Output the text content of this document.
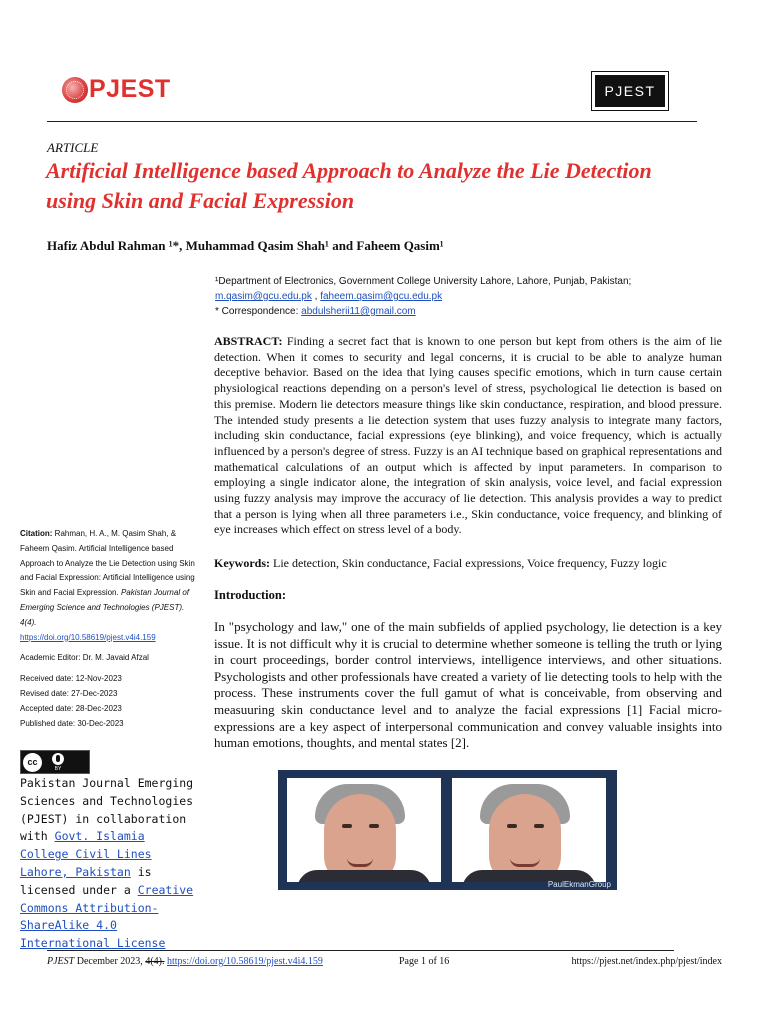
PJEST	PJEST
ARTICLE
Artificial Intelligence based Approach to Analyze the Lie Detection using Skin and Facial Expression
Hafiz Abdul Rahman ¹*, Muhammad Qasim Shah¹ and Faheem Qasim¹
¹Department of Electronics, Government College University Lahore, Lahore, Punjab, Pakistan;
m.qasim@gcu.edu.pk , faheem.qasim@gcu.edu.pk
* Correspondence: abdulsherii11@gmail.com
ABSTRACT: Finding a secret fact that is known to one person but kept from others is the aim of lie detection. When it comes to security and legal concerns, it is crucial to be able to analyze human deceptive behavior. Based on the idea that lying causes specific emotions, which in turn cause certain physiological reactions depending on a person's level of stress, psychological lie detection is based on this premise. Modern lie detectors measure things like skin conductance, respiration, and blood pressure. The intended study presents a lie detection system that uses fuzzy analysis to integrate many factors, including skin conductance, facial expressions (eye blinking), and voice frequency, which is actually influenced by a person's degree of stress. Fuzzy is an AI technique based on graphical representations and mathematical calculations of an output which is affected by input parameters. In comparison to employing a single indicator alone, the integration of skin analysis, voice level, and facial expression using fuzzy analysis may improve the accuracy of lie detection. This analysis provides a way to predict that a person is lying when all three parameters i.e., Skin conductance, voice frequency, and blinking of eye increases which effect on stress level of a body.
Keywords: Lie detection, Skin conductance, Facial expressions, Voice frequency, Fuzzy logic
Introduction:
In "psychology and law," one of the main subfields of applied psychology, lie detection is a key issue. It is not difficult why it is crucial to determine whether someone is telling the truth or lying in court proceedings, border control interviews, intelligence interviews, and other situations. Psychologists and other professionals have created a variety of lie detecting tools to help with the process. These instruments cover the full gamut of what is conceivable, from observing and measuuring skin conductance level and to analyze the facial expressions [1] Facial micro-expressions are a key aspect of interpersonal communication and convey valuable insights into human emotions, thoughts, and mental states [2].

Citation: Rahman, H. A., M. Qasim Shah, & Faheem Qasim. Artificial Intelligence based Approach to Analyze the Lie Detection using Skin and Facial Expression: Artificial Intelligence using Skin and Facial Expression. Pakistan Journal of Emerging Science and Technologies (PJEST). 4(4).

https://doi.org/10.58619/pjest.v4i4.159

Academic Editor: Dr. M. Javaid Afzal

Received date: 12-Nov-2023

Revised date: 27-Dec-2023

Accepted date: 28-Dec-2023

Published date: 30-Dec-2023

cc
BY
Pakistan Journal Emerging Sciences and Technologies (PJEST) in collaboration with Govt. Islamia College Civil Lines Lahore, Pakistan is licensed under a Creative Commons Attribution-ShareAlike 4.0 International License
PaulEkmanGroup
PJEST December 2023, 4(4). https://doi.org/10.58619/pjest.v4i4.159	Page 1 of 16	https://pjest.net/index.php/pjest/index
